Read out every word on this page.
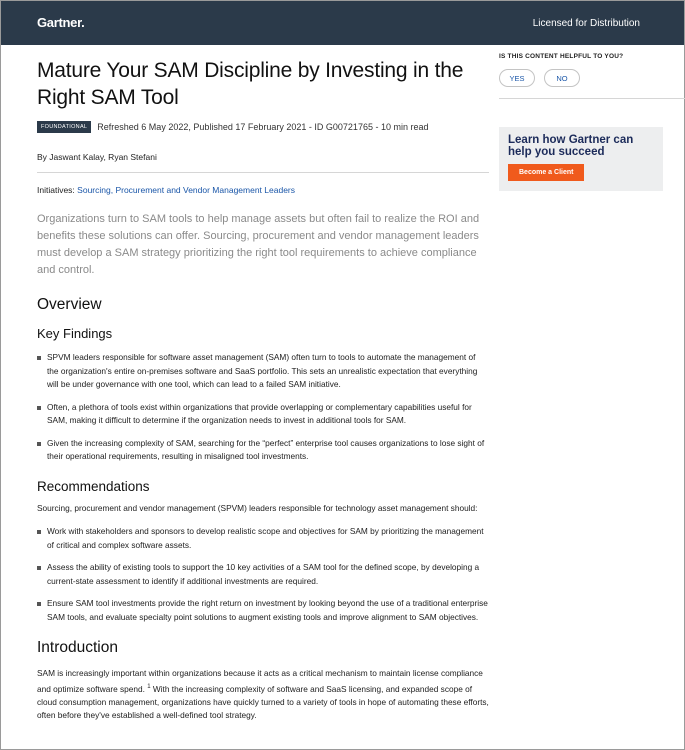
Gartner.	Licensed for Distribution
Mature Your SAM Discipline by Investing in the Right SAM Tool
FOUNDATIONAL	Refreshed 6 May 2022, Published 17 February 2021 - ID G00721765 - 10 min read
By Jaswant Kalay, Ryan Stefani
Initiatives: Sourcing, Procurement and Vendor Management Leaders

Organizations turn to SAM tools to help manage assets but often fail to realize the ROI and benefits these solutions can offer. Sourcing, procurement and vendor management leaders must develop a SAM strategy prioritizing the right tool requirements to achieve compliance and control.

Overview
Key Findings
SPVM leaders responsible for software asset management (SAM) often turn to tools to automate the management of the organization's entire on-premises software and SaaS portfolio. This sets an unrealistic expectation that everything will be under governance with one tool, which can lead to a failed SAM initiative.
Often, a plethora of tools exist within organizations that provide overlapping or complementary capabilities useful for SAM, making it difficult to determine if the organization needs to invest in additional tools for SAM.
Given the increasing complexity of SAM, searching for the “perfect” enterprise tool causes organizations to lose sight of their operational requirements, resulting in misaligned tool investments.
Recommendations

Sourcing, procurement and vendor management (SPVM) leaders responsible for technology asset management should:

Work with stakeholders and sponsors to develop realistic scope and objectives for SAM by prioritizing the management of critical and complex software assets.
Assess the ability of existing tools to support the 10 key activities of a SAM tool for the defined scope, by developing a current-state assessment to identify if additional investments are required.
Ensure SAM tool investments provide the right return on investment by looking beyond the use of a traditional enterprise SAM tools, and evaluate specialty point solutions to augment existing tools and improve alignment to SAM objectives.
Introduction

SAM is increasingly important within organizations because it acts as a critical mechanism to maintain license compliance and optimize software spend. $^1$ With the increasing complexity of software and SaaS licensing, and expanded scope of cloud consumption management, organizations have quickly turned to a variety of tools in hope of automating these efforts, often before they've established a well-defined tool strategy.

IS THIS CONTENT HELPFUL TO YOU?
YES	NO
Learn how Gartner can help you succeed
Become a Client
